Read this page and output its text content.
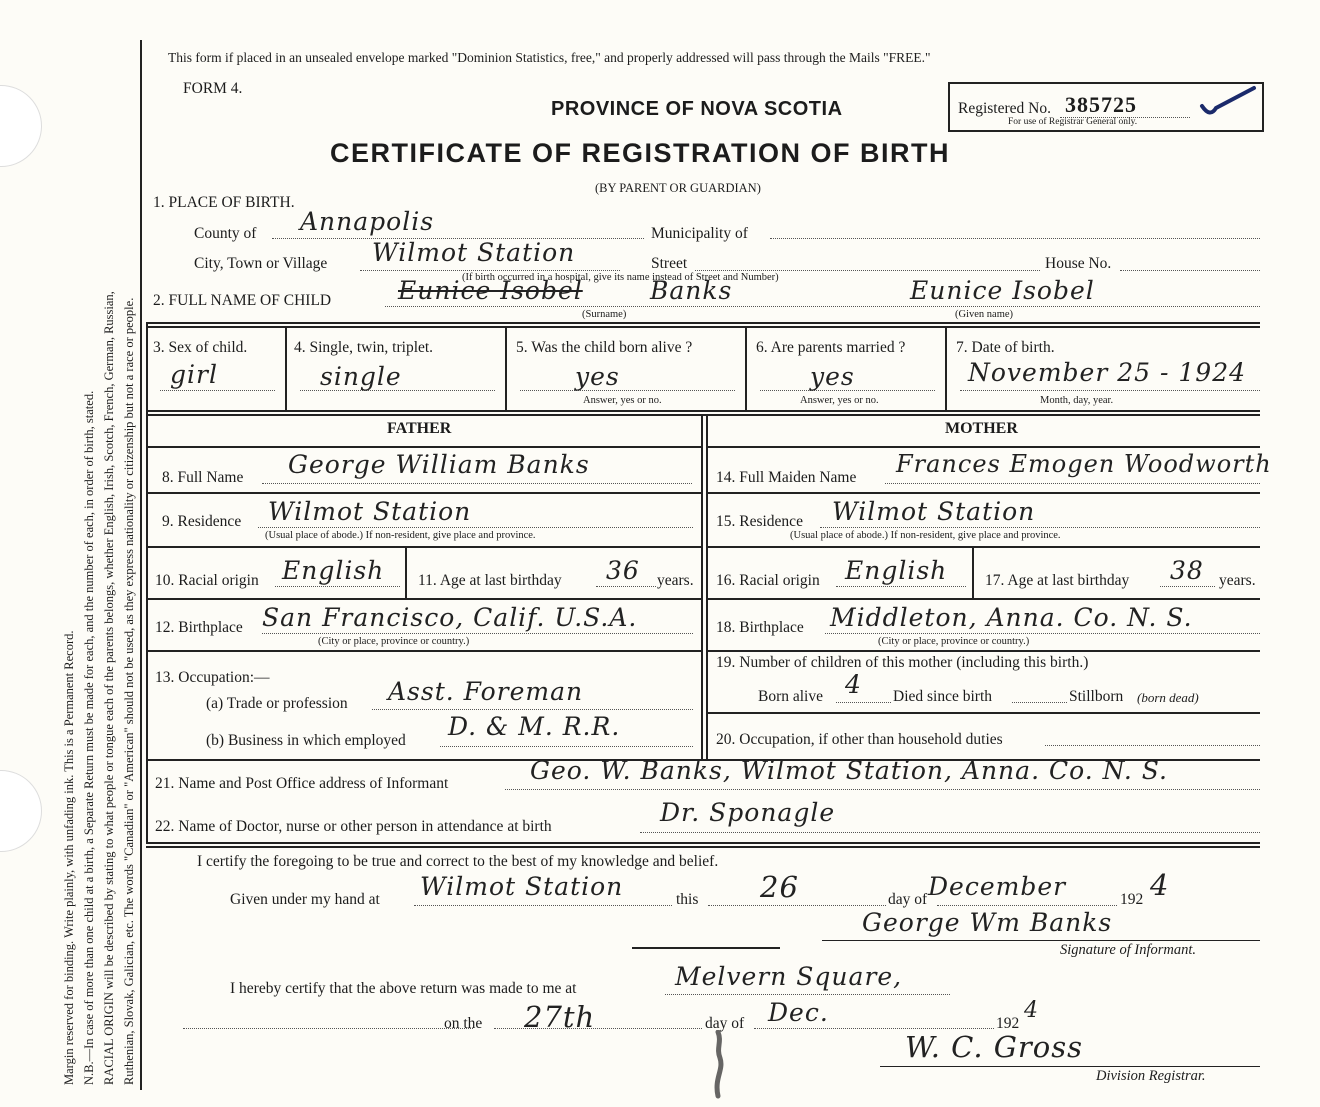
Margin reserved for binding. Write plainly, with unfading ink. This is a Permanent Record. N.B.—In case of more than one child at a birth, a Separate Return must be made for each, and the number of each, in order of birth, stated. RACIAL ORIGIN will be described by stating to what people or tongue each of the parents belongs, whether English, Irish, Scotch, French, German, Russian, Ruthenian, Slovak, Galician, etc. The words "Canadian" or "American" should not be used, as they express nationality or citizenship but not a race or people.
This form if placed in an unsealed envelope marked "Dominion Statistics, free," and properly addressed will pass through the Mails "FREE."
FORM 4.
PROVINCE OF NOVA SCOTIA
CERTIFICATE OF REGISTRATION OF BIRTH
(BY PARENT OR GUARDIAN)
Registered No. 385725
For use of Registrar General only.
1. PLACE OF BIRTH.
County of Annapolis	Municipality of
City, Town or Village Wilmot Station	Street	House No.
(If birth occurred in a hospital, give its name instead of Street and Number)
2. FULL NAME OF CHILD	Eunice Isobel	Banks	Eunice Isobel
(Surname)	(Given name)
3. Sex of child.
girl
4. Single, twin, triplet.
single
5. Was the child born alive ?
yes
Answer, yes or no.
6. Are parents married ?
yes
Answer, yes or no.
7. Date of birth.
November 25 - 1924
Month, day, year.
FATHER	MOTHER
8. Full Name George William Banks
9. Residence Wilmot Station
(Usual place of abode.) If non-resident, give place and province.
10. Racial origin English 11. Age at last birthday 36 years.
12. Birthplace San Francisco, Calif. U.S.A.
(City or place, province or country.)
13. Occupation:—
(a) Trade or profession Asst. Foreman
(b) Business in which employed D. & M. R.R.
14. Full Maiden Name Frances Emogen Woodworth
15. Residence Wilmot Station
(Usual place of abode.) If non-resident, give place and province.
16. Racial origin English 17. Age at last birthday 38 years.
18. Birthplace Middleton, Anna. Co. N. S.
(City or place, province or country.)
19. Number of children of this mother (including this birth.)
Born alive 4 Died since birth	Stillborn (born dead)
20. Occupation, if other than household duties
21. Name and Post Office address of Informant	Geo. W. Banks, Wilmot Station, Anna. Co. N. S.
22. Name of Doctor, nurse or other person in attendance at birth	Dr. Sponagle
I certify the foregoing to be true and correct to the best of my knowledge and belief.
Given under my hand at Wilmot Station	this 26	day of December	192 4
George Wm Banks
Signature of Informant.
I hereby certify that the above return was made to me at	Melvern Square,
on the 27th	day of Dec.	192
4
W. C. Gross
Division Registrar.
